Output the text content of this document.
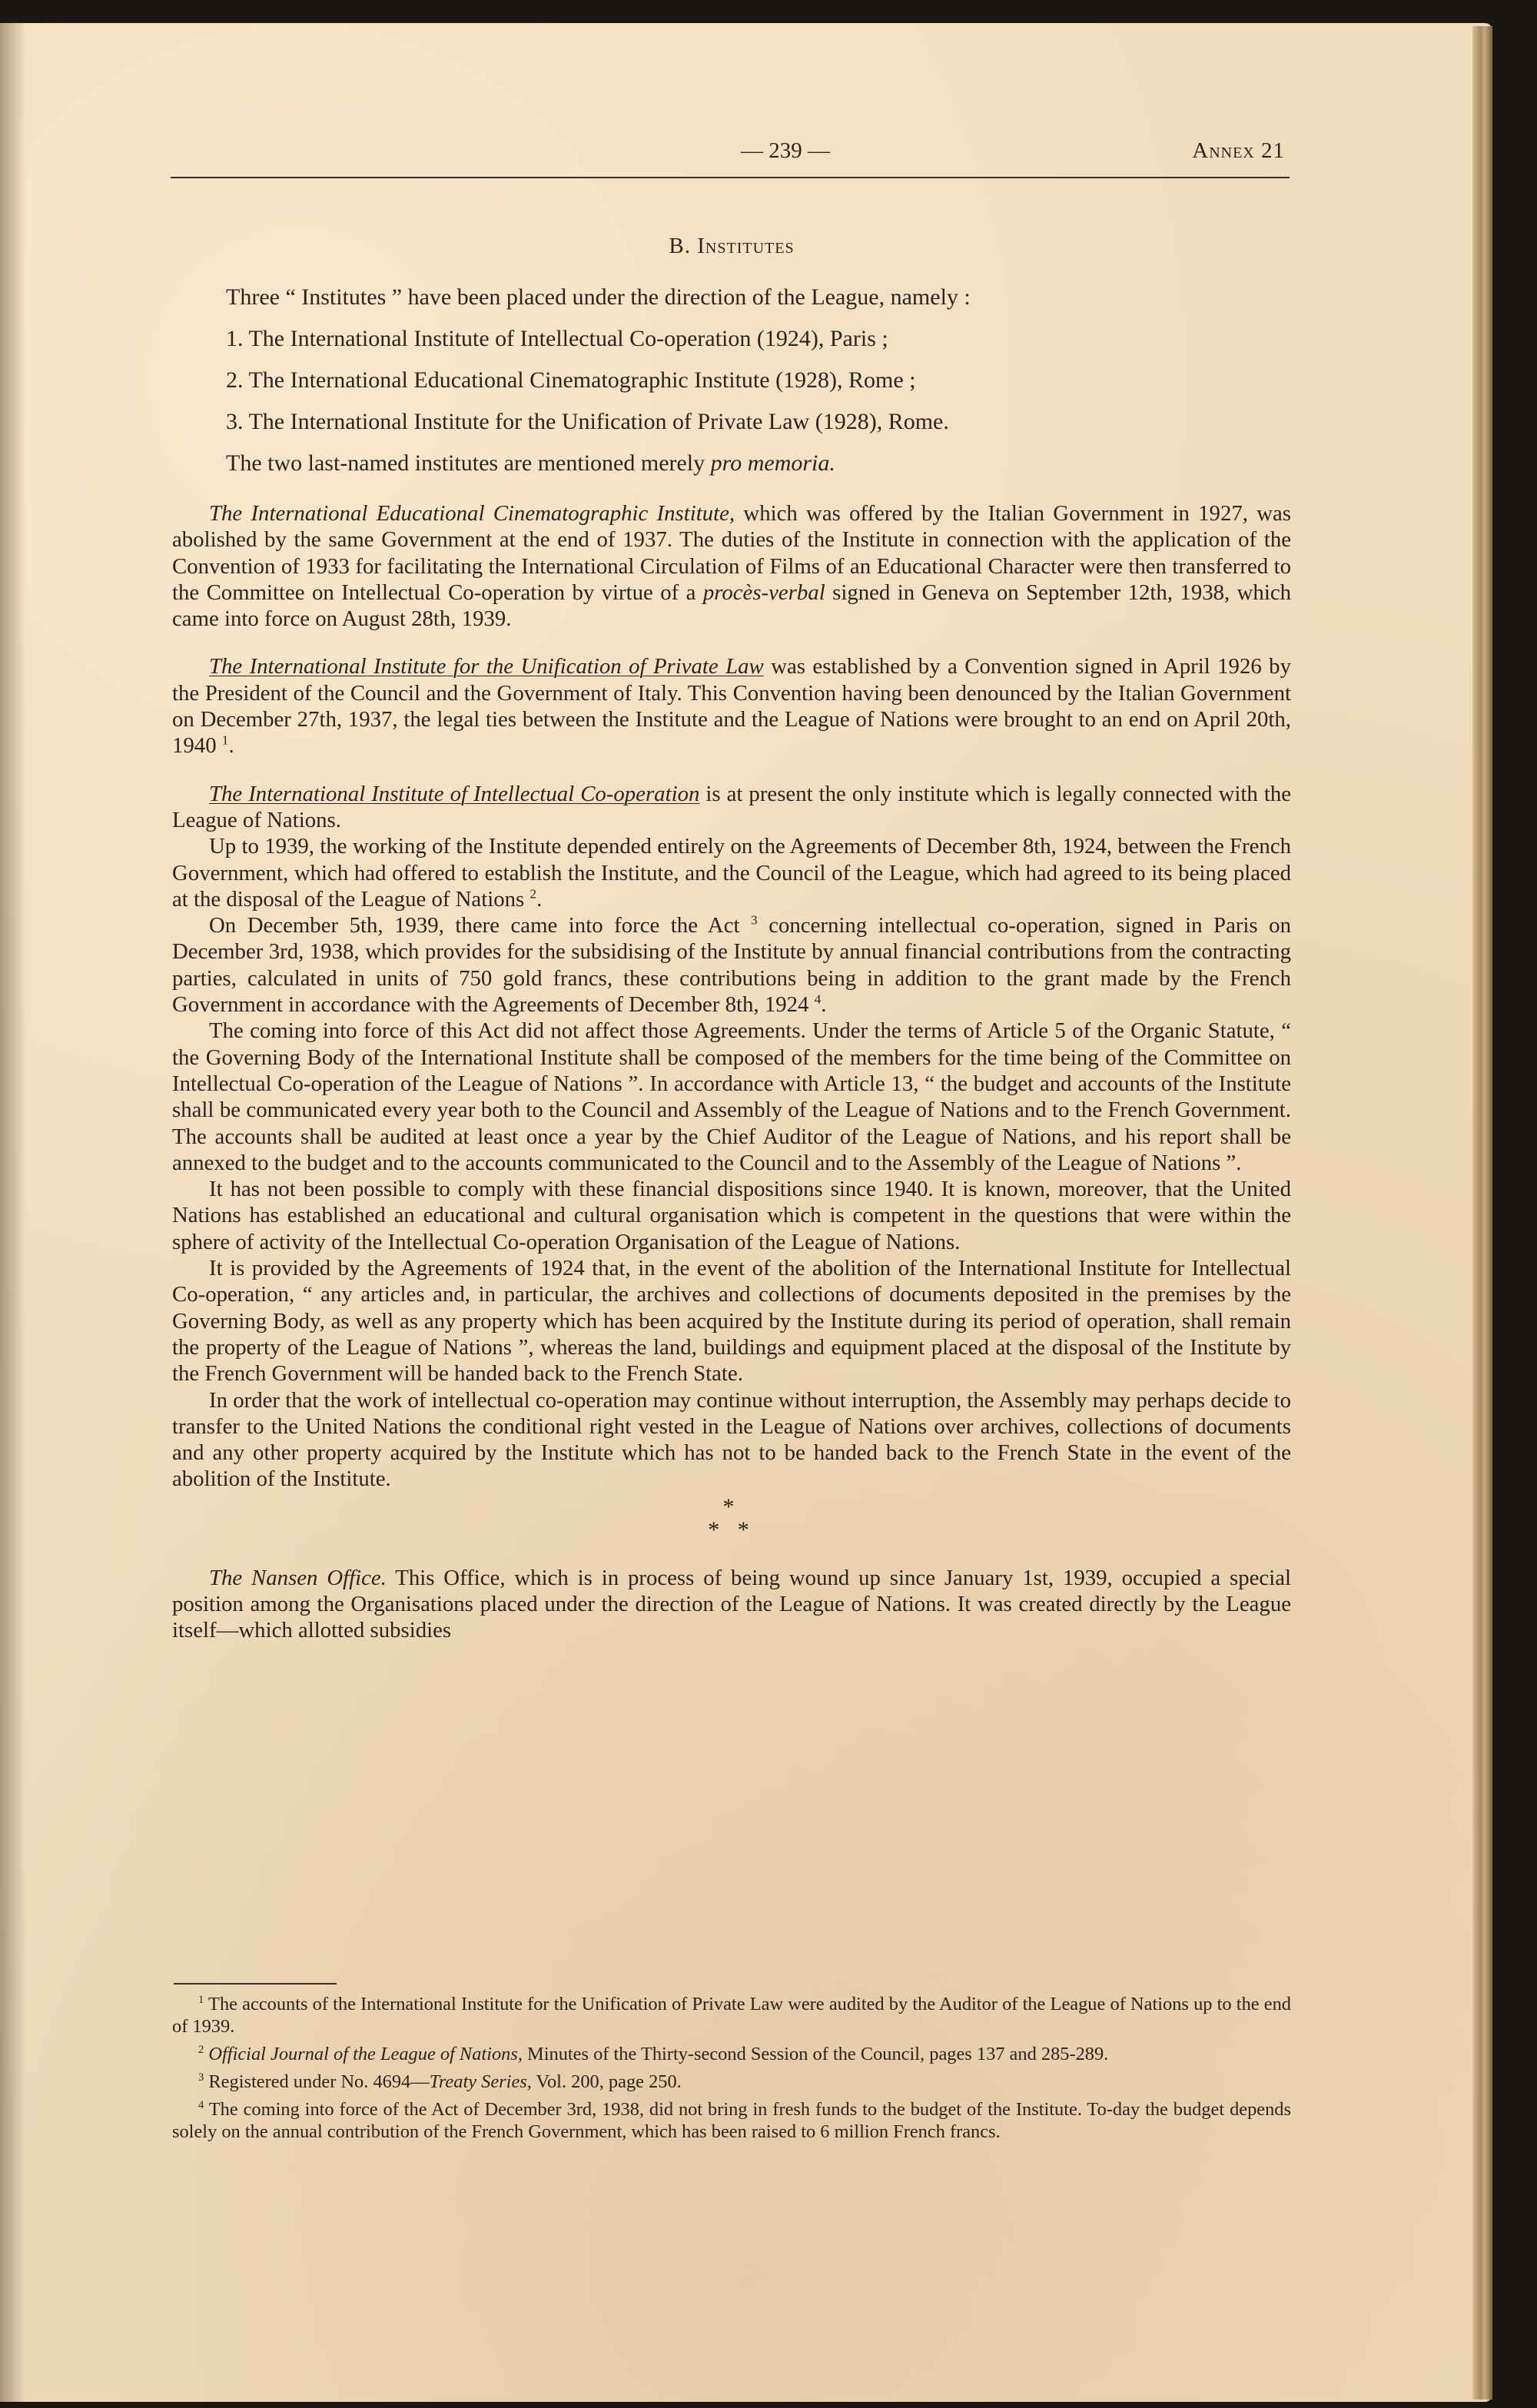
— 239 —	Annex 21
B. Institutes

Three “ Institutes ” have been placed under the direction of the League, namely :

1. The International Institute of Intellectual Co-operation (1924), Paris ;

2. The International Educational Cinematographic Institute (1928), Rome ;

3. The International Institute for the Unification of Private Law (1928), Rome.

The two last-named institutes are mentioned merely pro memoria.

The International Educational Cinematographic Institute, which was offered by the Italian Government in 1927, was abolished by the same Government at the end of 1937. The duties of the Institute in connection with the application of the Convention of 1933 for facilitating the International Circulation of Films of an Educational Character were then transferred to the Committee on Intellectual Co-operation by virtue of a procès-verbal signed in Geneva on September 12th, 1938, which came into force on August 28th, 1939.

The International Institute for the Unification of Private Law was established by a Convention signed in April 1926 by the President of the Council and the Government of Italy. This Convention having been denounced by the Italian Government on December 27th, 1937, the legal ties between the Institute and the League of Nations were brought to an end on April 20th, 1940 $^1$.

The International Institute of Intellectual Co-operation is at present the only institute which is legally connected with the League of Nations.

Up to 1939, the working of the Institute depended entirely on the Agreements of December 8th, 1924, between the French Government, which had offered to establish the Institute, and the Council of the League, which had agreed to its being placed at the disposal of the League of Nations $^2$.

On December 5th, 1939, there came into force the Act $^3$ concerning intellectual co-operation, signed in Paris on December 3rd, 1938, which provides for the subsidising of the Institute by annual financial contributions from the contracting parties, calculated in units of 750 gold francs, these contributions being in addition to the grant made by the French Government in accordance with the Agreements of December 8th, 1924 $^4$.

The coming into force of this Act did not affect those Agreements. Under the terms of Article 5 of the Organic Statute, “ the Governing Body of the International Institute shall be composed of the members for the time being of the Committee on Intellectual Co-operation of the League of Nations ”. In accordance with Article 13, “ the budget and accounts of the Institute shall be communicated every year both to the Council and Assembly of the League of Nations and to the French Government. The accounts shall be audited at least once a year by the Chief Auditor of the League of Nations, and his report shall be annexed to the budget and to the accounts communicated to the Council and to the Assembly of the League of Nations ”.

It has not been possible to comply with these financial dispositions since 1940. It is known, moreover, that the United Nations has established an educational and cultural organisation which is competent in the questions that were within the sphere of activity of the Intellectual Co-operation Organisation of the League of Nations.

It is provided by the Agreements of 1924 that, in the event of the abolition of the International Institute for Intellectual Co-operation, “ any articles and, in particular, the archives and collections of documents deposited in the premises by the Governing Body, as well as any property which has been acquired by the Institute during its period of operation, shall remain the property of the League of Nations ”, whereas the land, buildings and equipment placed at the disposal of the Institute by the French Government will be handed back to the French State.

In order that the work of intellectual co-operation may continue without interruption, the Assembly may perhaps decide to transfer to the United Nations the conditional right vested in the League of Nations over archives, collections of documents and any other property acquired by the Institute which has not to be handed back to the French State in the event of the abolition of the Institute.

*
* *

The Nansen Office. This Office, which is in process of being wound up since January 1st, 1939, occupied a special position among the Organisations placed under the direction of the League of Nations. It was created directly by the League itself—which allotted subsidies

$^1$ The accounts of the International Institute for the Unification of Private Law were audited by the Auditor of the League of Nations up to the end of 1939.

$^2$ Official Journal of the League of Nations, Minutes of the Thirty-second Session of the Council, pages 137 and 285-289.

$^3$ Registered under No. 4694—Treaty Series, Vol. 200, page 250.

$^4$ The coming into force of the Act of December 3rd, 1938, did not bring in fresh funds to the budget of the Institute. To-day the budget depends solely on the annual contribution of the French Government, which has been raised to 6 million French francs.
